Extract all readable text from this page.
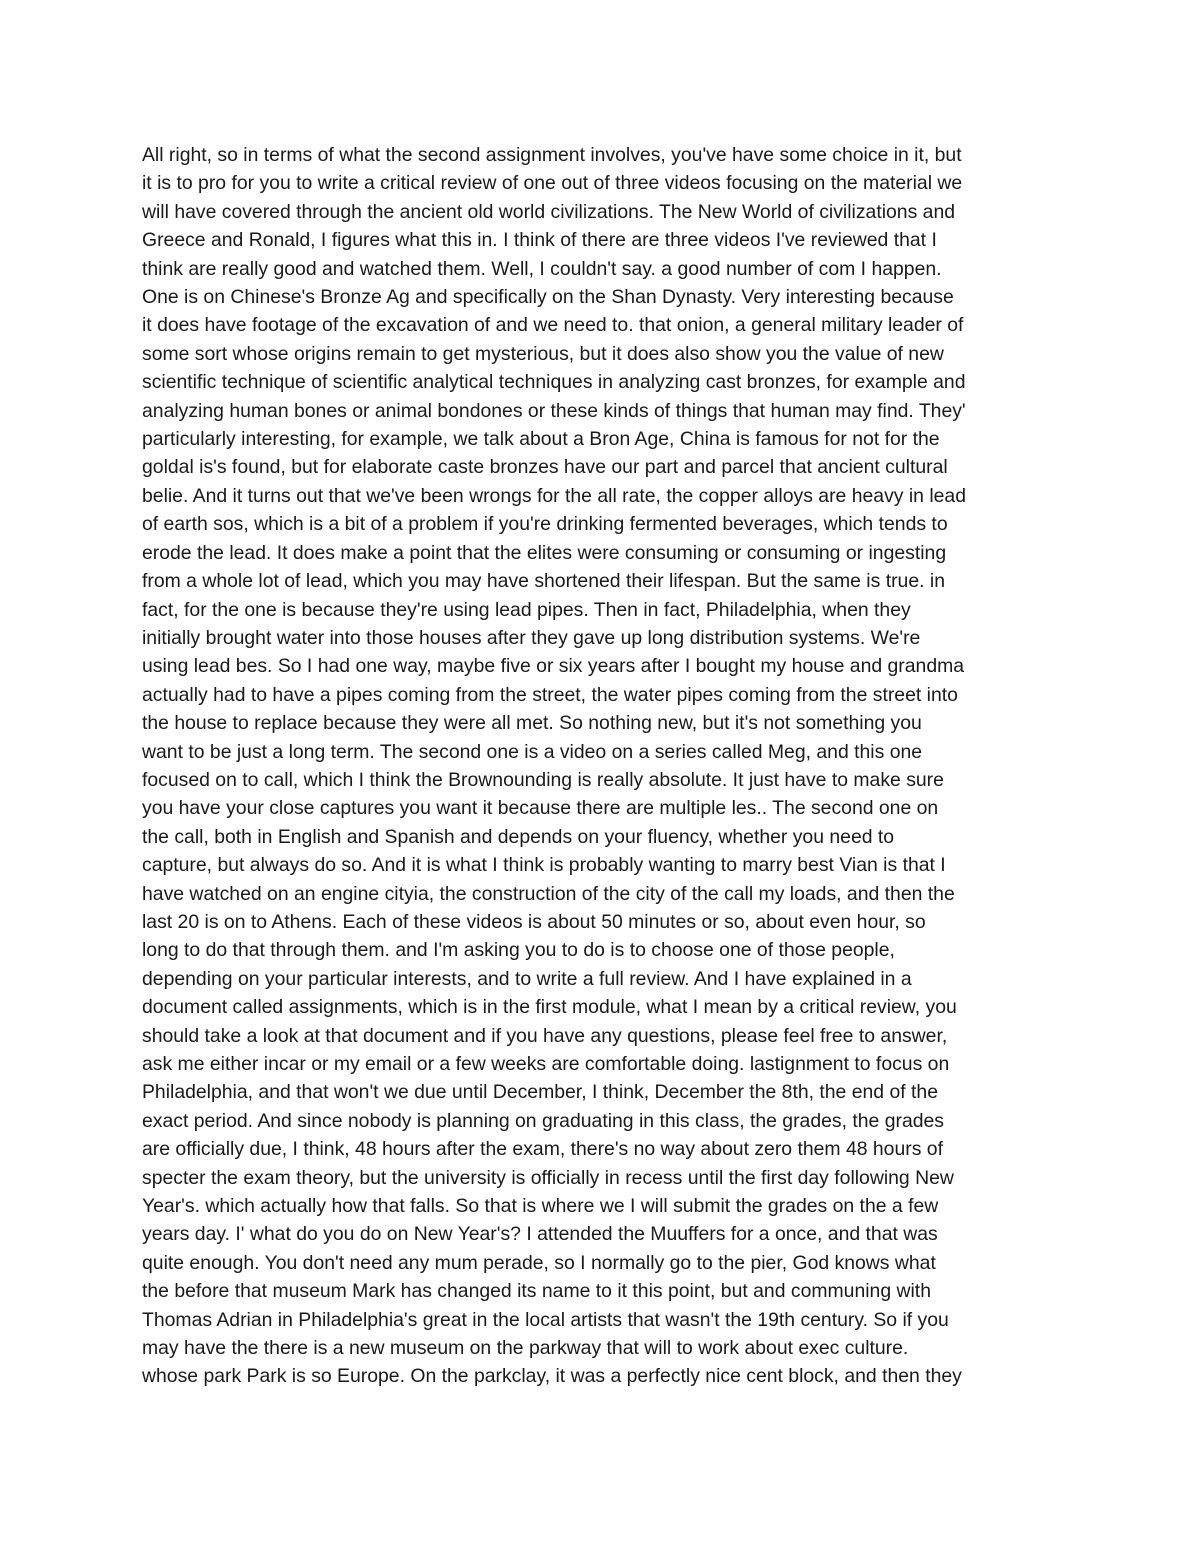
All right, so in terms of what the second assignment involves, you've have some choice in it, but
it is to pro for you to write a critical review of one out of three videos focusing on the material we
will have covered through the ancient old world civilizations. The New World of civilizations and
Greece and Ronald, I figures what this in. I think of there are three videos I've reviewed that I
think are really good and watched them. Well, I couldn't say. a good number of com I happen.
One is on Chinese's Bronze Ag and specifically on the Shan Dynasty. Very interesting because
it does have footage of the excavation of and we need to. that onion, a general military leader of
some sort whose origins remain to get mysterious, but it does also show you the value of new
scientific technique of scientific analytical techniques in analyzing cast bronzes, for example and
analyzing human bones or animal bondones or these kinds of things that human may find. They'
particularly interesting, for example, we talk about a Bron Age, China is famous for not for the
goldal is's found, but for elaborate caste bronzes have our part and parcel that ancient cultural
belie. And it turns out that we've been wrongs for the all rate, the copper alloys are heavy in lead
of earth sos, which is a bit of a problem if you're drinking fermented beverages, which tends to
erode the lead. It does make a point that the elites were consuming or consuming or ingesting
from a whole lot of lead, which you may have shortened their lifespan. But the same is true. in
fact, for the one is because they're using lead pipes. Then in fact, Philadelphia, when they
initially brought water into those houses after they gave up long distribution systems. We're
using lead bes. So I had one way, maybe five or six years after I bought my house and grandma
actually had to have a pipes coming from the street, the water pipes coming from the street into
the house to replace because they were all met. So nothing new, but it's not something you
want to be just a long term. The second one is a video on a series called Meg, and this one
focused on to call, which I think the Brownounding is really absolute. It just have to make sure
you have your close captures you want it because there are multiple les.. The second one on
the call, both in English and Spanish and depends on your fluency, whether you need to
capture, but always do so. And it is what I think is probably wanting to marry best Vian is that I
have watched on an engine cityia, the construction of the city of the call my loads, and then the
last 20 is on to Athens. Each of these videos is about 50 minutes or so, about even hour, so
long to do that through them. and I'm asking you to do is to choose one of those people,
depending on your particular interests, and to write a full review. And I have explained in a
document called assignments, which is in the first module, what I mean by a critical review, you
should take a look at that document and if you have any questions, please feel free to answer,
ask me either incar or my email or a few weeks are comfortable doing. lastignment to focus on
Philadelphia, and that won't we due until December, I think, December the 8th, the end of the
exact period. And since nobody is planning on graduating in this class, the grades, the grades
are officially due, I think, 48 hours after the exam, there's no way about zero them 48 hours of
specter the exam theory, but the university is officially in recess until the first day following New
Year's. which actually how that falls. So that is where we I will submit the grades on the a few
years day. I' what do you do on New Year's? I attended the Muuffers for a once, and that was
quite enough. You don't need any mum perade, so I normally go to the pier, God knows what
the before that museum Mark has changed its name to it this point, but and communing with
Thomas Adrian in Philadelphia's great in the local artists that wasn't the 19th century. So if you
may have the there is a new museum on the parkway that will to work about exec culture.
whose park Park is so Europe. On the parkclay, it was a perfectly nice cent block, and then they
